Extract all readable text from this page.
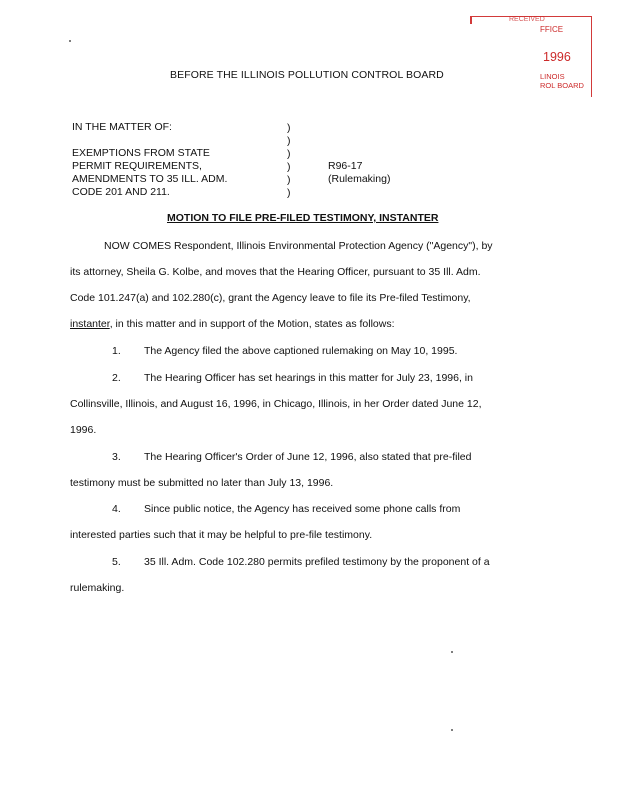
RECEIVED
FFICE
1996
LINOIS
ROL BOARD
BEFORE THE ILLINOIS POLLUTION CONTROL BOARD
IN THE MATTER OF:
EXEMPTIONS FROM STATE
PERMIT REQUIREMENTS,
AMENDMENTS TO 35 ILL. ADM.
CODE 201 AND 211.
)
)
)
)
)
)
R96-17
(Rulemaking)
MOTION TO FILE PRE-FILED TESTIMONY, INSTANTER
NOW COMES Respondent, Illinois Environmental Protection Agency ("Agency"), by
its attorney, Sheila G. Kolbe, and moves that the Hearing Officer, pursuant to 35 Ill. Adm.
Code 101.247(a) and 102.280(c), grant the Agency leave to file its Pre-filed Testimony,
instanter, in this matter and in support of the Motion, states as follows:
1. The Agency filed the above captioned rulemaking on May 10, 1995.
2. The Hearing Officer has set hearings in this matter for July 23, 1996, in
Collinsville, Illinois, and August 16, 1996, in Chicago, Illinois, in her Order dated June 12,
1996.
3. The Hearing Officer's Order of June 12, 1996, also stated that pre-filed
testimony must be submitted no later than July 13, 1996.
4. Since public notice, the Agency has received some phone calls from
interested parties such that it may be helpful to pre-file testimony.
5. 35 Ill. Adm. Code 102.280 permits prefiled testimony by the proponent of a
rulemaking.
